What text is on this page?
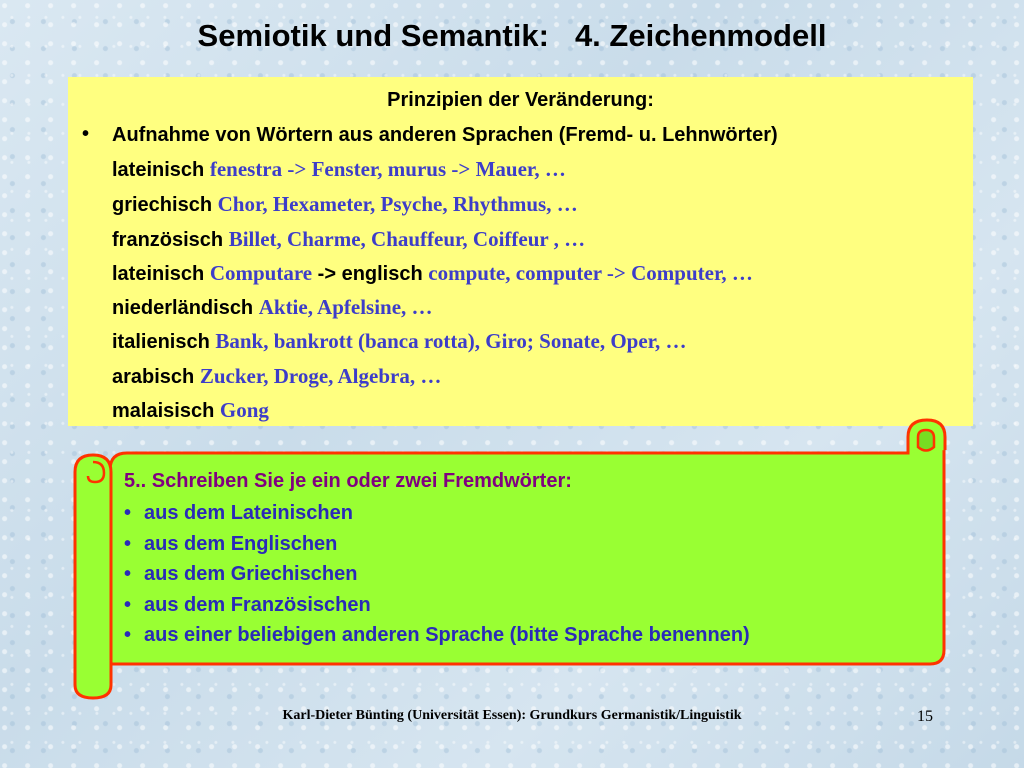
Semiotik und Semantik: 4. Zeichenmodell
Prinzipien der Veränderung:
• Aufnahme von Wörtern aus anderen Sprachen (Fremd- u. Lehnwörter)
lateinisch fenestra -> Fenster, murus -> Mauer, …
griechisch Chor, Hexameter, Psyche, Rhythmus, …
französisch Billet, Charme, Chauffeur, Coiffeur , …
lateinisch Computare -> englisch compute, computer -> Computer, …
niederländisch Aktie, Apfelsine, …
italienisch Bank, bankrott (banca rotta), Giro; Sonate, Oper, …
arabisch Zucker, Droge, Algebra, …
malaisisch Gong
5.. Schreiben Sie je ein oder zwei Fremdwörter:
• aus dem Lateinischen
• aus dem Englischen
• aus dem Griechischen
• aus dem Französischen
• aus einer beliebigen anderen Sprache (bitte Sprache benennen)
Karl-Dieter Bünting (Universität Essen): Grundkurs Germanistik/Linguistik	15
